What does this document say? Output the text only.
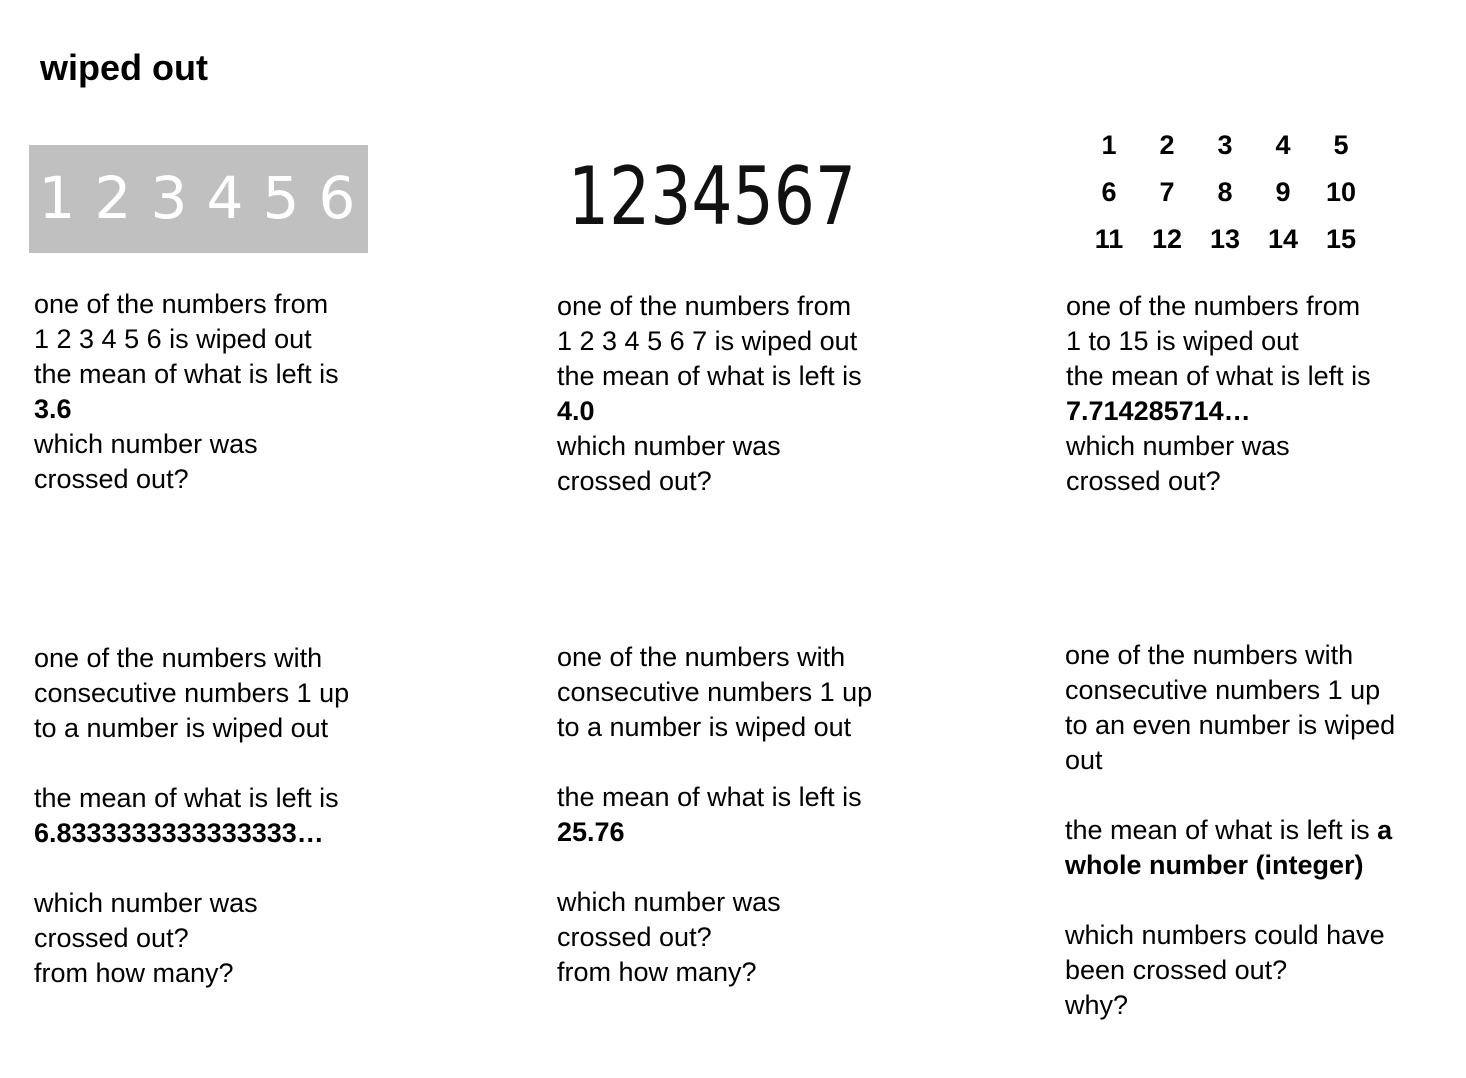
wiped out
1 2 3 4 5 6	1234567
1	2	3	4	5
6	7	8	9	10
11	12	13	14	15
one of the numbers from
1 2 3 4 5 6 is wiped out
the mean of what is left is
3.6
which number was
crossed out?
one of the numbers from
1 2 3 4 5 6 7 is wiped out
the mean of what is left is
4.0
which number was
crossed out?
one of the numbers from
1 to 15 is wiped out
the mean of what is left is
7.714285714…
which number was
crossed out?
one of the numbers with
consecutive numbers 1 up
to a number is wiped out
the mean of what is left is
6.8333333333333333…
which number was
crossed out?
from how many?
one of the numbers with
consecutive numbers 1 up
to a number is wiped out
the mean of what is left is
25.76
which number was
crossed out?
from how many?
one of the numbers with
consecutive numbers 1 up
to an even number is wiped
out
the mean of what is left is a
whole number (integer)
which numbers could have
been crossed out?
why?
